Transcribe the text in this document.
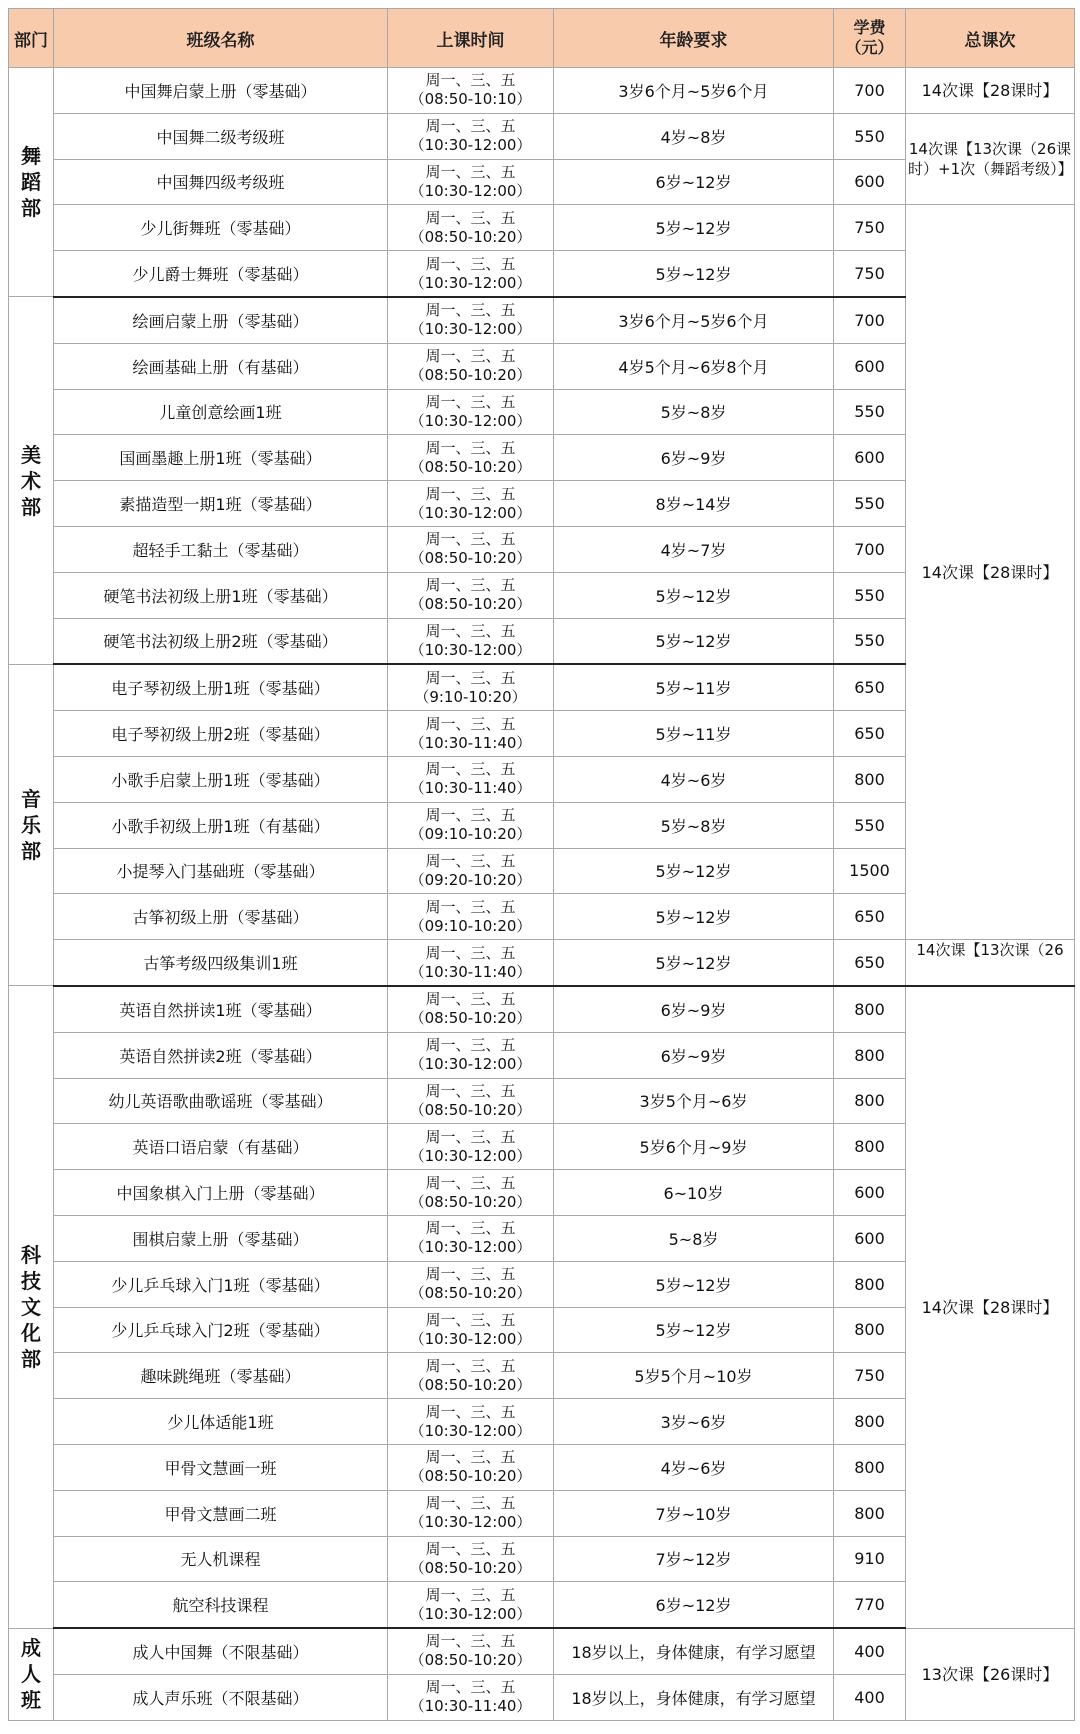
部门	班级名称	上课时间	年龄要求	学费（元）	总课次

舞蹈部	中国舞启蒙上册（零基础）	周一、三、五
（08:50-10:10）	3岁6个月~5岁6个月	700	14次课【28课时】
	中国舞二级考级班	周一、三、五
（10:30-12:00）	4岁~8岁	550	14次课【13次课（26课时）+1次（舞蹈考级）】
	中国舞四级考级班	周一、三、五
（10:30-12:00）	6岁~12岁	600	
	少儿街舞班（零基础）	周一、三、五
（08:50-10:20）	5岁~12岁	750	14次课【28课时】
	少儿爵士舞班（零基础）	周一、三、五
（10:30-12:00）	5岁~12岁	750	

美术部	绘画启蒙上册（零基础）	周一、三、五
（10:30-12:00）	3岁6个月~5岁6个月	700	
	绘画基础上册（有基础）	周一、三、五
（08:50-10:20）	4岁5个月~6岁8个月	600	
	儿童创意绘画1班	周一、三、五
（10:30-12:00）	5岁~8岁	550	
	国画墨趣上册1班（零基础）	周一、三、五
（08:50-10:20）	6岁~9岁	600	
	素描造型一期1班（零基础）	周一、三、五
（10:30-12:00）	8岁~14岁	550	
	超轻手工黏土（零基础）	周一、三、五
（08:50-10:20）	4岁~7岁	700	
	硬笔书法初级上册1班（零基础）	周一、三、五
（08:50-10:20）	5岁~12岁	550	
	硬笔书法初级上册2班（零基础）	周一、三、五
（10:30-12:00）	5岁~12岁	550	

音乐部	电子琴初级上册1班（零基础）	周一、三、五
（9:10-10:20）	5岁~11岁	650	
	电子琴初级上册2班（零基础）	周一、三、五
（10:30-11:40）	5岁~11岁	650	
	小歌手启蒙上册1班（零基础）	周一、三、五
（10:30-11:40）	4岁~6岁	800	
	小歌手初级上册1班（有基础）	周一、三、五
（09:10-10:20）	5岁~8岁	550	
	小提琴入门基础班（零基础）	周一、三、五
（09:20-10:20）	5岁~12岁	1500	
	古筝初级上册（零基础）	周一、三、五
（09:10-10:20）	5岁~12岁	650	
	古筝考级四级集训1班	周一、三、五
（10:30-11:40）	5岁~12岁	650	14次课【13次课（26

科技文化部	英语自然拼读1班（零基础）	周一、三、五
（08:50-10:20）	6岁~9岁	800	14次课【28课时】
	英语自然拼读2班（零基础）	周一、三、五
（10:30-12:00）	6岁~9岁	800	
	幼儿英语歌曲歌谣班（零基础）	周一、三、五
（08:50-10:20）	3岁5个月~6岁	800	
	英语口语启蒙（有基础）	周一、三、五
（10:30-12:00）	5岁6个月~9岁	800	
	中国象棋入门上册（零基础）	周一、三、五
（08:50-10:20）	6~10岁	600	
	围棋启蒙上册（零基础）	周一、三、五
（10:30-12:00）	5~8岁	600	
	少儿乒乓球入门1班（零基础）	周一、三、五
（08:50-10:20）	5岁~12岁	800	
	少儿乒乓球入门2班（零基础）	周一、三、五
（10:30-12:00）	5岁~12岁	800	
	趣味跳绳班（零基础）	周一、三、五
（08:50-10:20）	5岁5个月~10岁	750	
	少儿体适能1班	周一、三、五
（10:30-12:00）	3岁~6岁	800	
	甲骨文慧画一班	周一、三、五
（08:50-10:20）	4岁~6岁	800	
	甲骨文慧画二班	周一、三、五
（10:30-12:00）	7岁~10岁	800	
	无人机课程	周一、三、五
（08:50-10:20）	7岁~12岁	910	
	航空科技课程	周一、三、五
（10:30-12:00）	6岁~12岁	770	

成人班	成人中国舞（不限基础）	周一、三、五
（08:50-10:20）	18岁以上，身体健康，有学习愿望	400	13次课【26课时】
	成人声乐班（不限基础）	周一、三、五
（10:30-11:40）	18岁以上，身体健康，有学习愿望	400	
